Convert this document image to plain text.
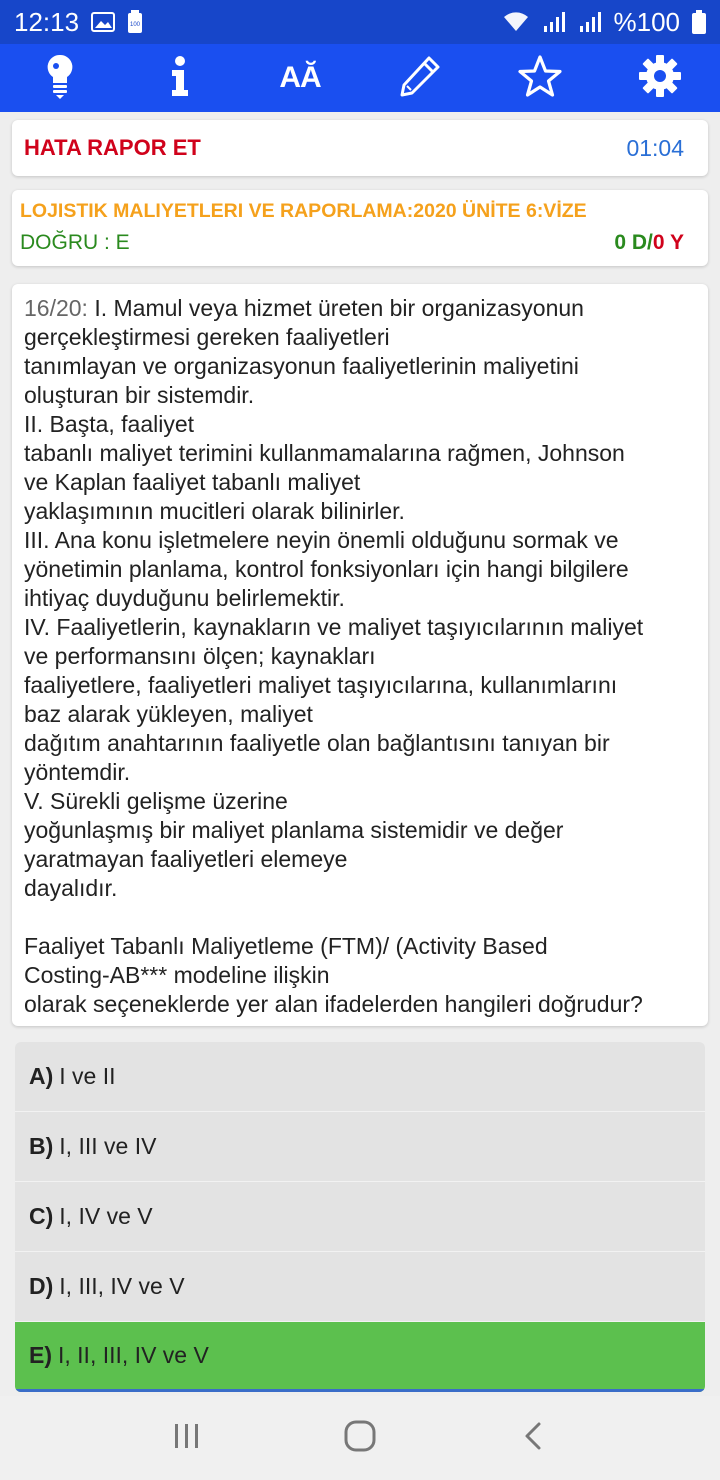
12:13	100	%100
AĂ
HATA RAPOR ET	01:04
LOJISTIK MALIYETLERI VE RAPORLAMA:2020 ÜNİTE 6:VİZE
DOĞRU : E	0 D/0 Y
16/20: I. Mamul veya hizmet üreten bir organizasyonun
gerçekleştirmesi gereken faaliyetleri
tanımlayan ve organizasyonun faaliyetlerinin maliyetini
oluşturan bir sistemdir.
II. Başta, faaliyet
tabanlı maliyet terimini kullanmamalarına rağmen, Johnson
ve Kaplan faaliyet tabanlı maliyet
yaklaşımının mucitleri olarak bilinirler.
III. Ana konu işletmelere neyin önemli olduğunu sormak ve
yönetimin planlama, kontrol fonksiyonları için hangi bilgilere
ihtiyaç duyduğunu belirlemektir.
IV. Faaliyetlerin, kaynakların ve maliyet taşıyıcılarının maliyet
ve performansını ölçen; kaynakları
faaliyetlere, faaliyetleri maliyet taşıyıcılarına, kullanımlarını
baz alarak yükleyen, maliyet
dağıtım anahtarının faaliyetle olan bağlantısını tanıyan bir
yöntemdir.
V. Sürekli gelişme üzerine
yoğunlaşmış bir maliyet planlama sistemidir ve değer
yaratmayan faaliyetleri elemeye
dayalıdır.

Faaliyet Tabanlı Maliyetleme (FTM)/ (Activity Based
Costing-AB*** modeline ilişkin
olarak seçeneklerde yer alan ifadelerden hangileri doğrudur?
A) I ve II
B) I, III ve IV
C) I, IV ve V
D) I, III, IV ve V
E) I, II, III, IV ve V
